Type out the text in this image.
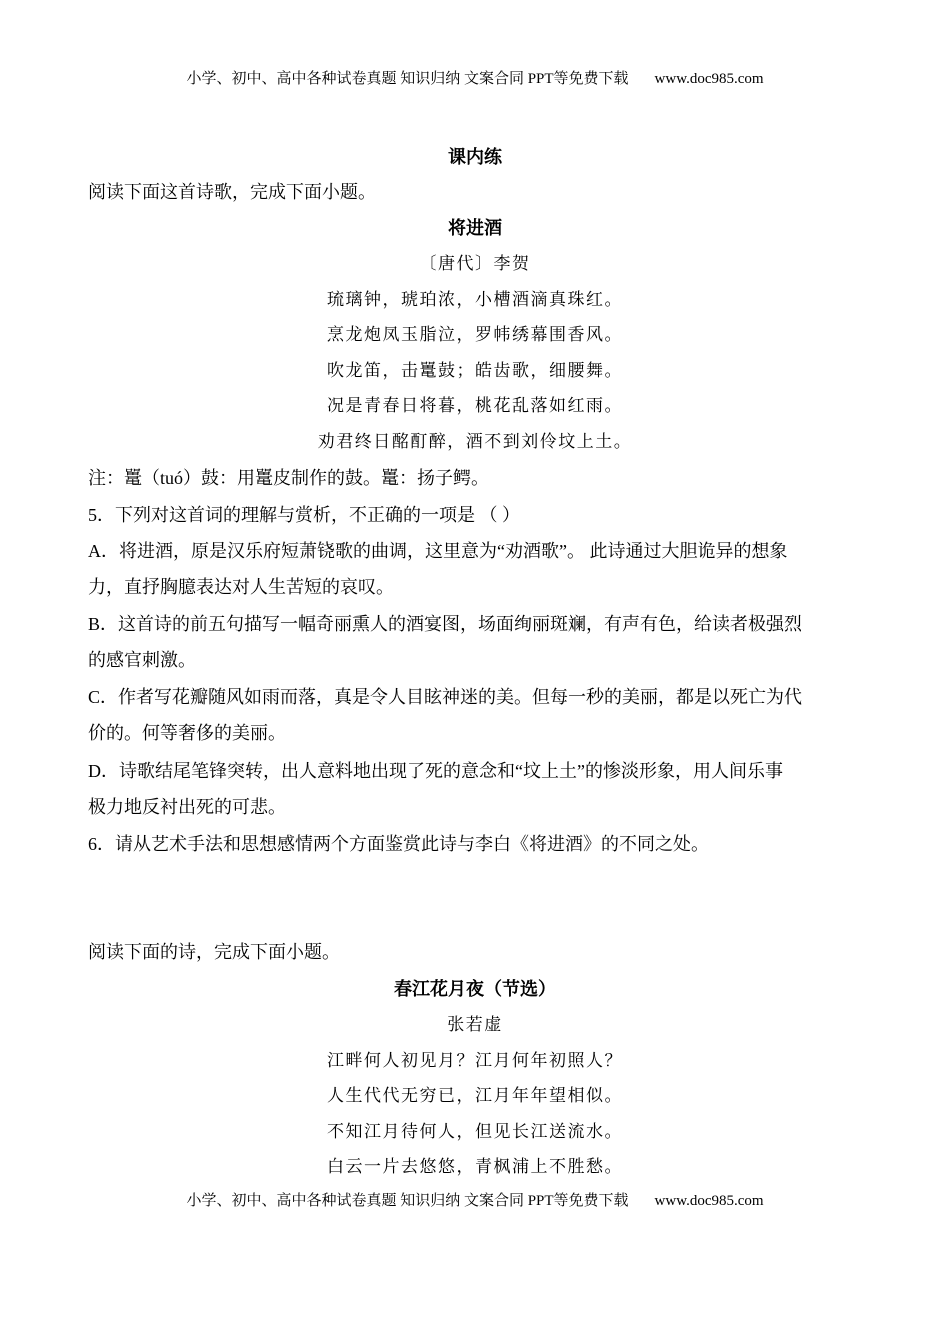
小学、初中、高中各种试卷真题 知识归纳 文案合同 PPT等免费下载 www.doc985.com
课内练
阅读下面这首诗歌，完成下面小题。
将进酒
〔唐代〕李贺
琉璃钟，琥珀浓，小槽酒滴真珠红。
烹龙炮凤玉脂泣，罗帏绣幕围香风。
吹龙笛，击鼍鼓；皓齿歌，细腰舞。
况是青春日将暮，桃花乱落如红雨。
劝君终日酩酊醉，酒不到刘伶坟上土。
注：鼍（tuó）鼓：用鼍皮制作的鼓。鼍：扬子鳄。
5．下列对这首词的理解与赏析，不正确的一项是 （ ）
A．将进酒，原是汉乐府短萧铙歌的曲调，这里意为“劝酒歌”。 此诗通过大胆诡异的想象
力，直抒胸臆表达对人生苦短的哀叹。
B．这首诗的前五句描写一幅奇丽熏人的酒宴图，场面绚丽斑斓，有声有色，给读者极强烈
的感官刺激。
C．作者写花瓣随风如雨而落，真是令人目眩神迷的美。但每一秒的美丽，都是以死亡为代
价的。何等奢侈的美丽。
D．诗歌结尾笔锋突转，出人意料地出现了死的意念和“坟上土”的惨淡形象，用人间乐事
极力地反衬出死的可悲。
6．请从艺术手法和思想感情两个方面鉴赏此诗与李白《将进酒》的不同之处。
阅读下面的诗，完成下面小题。
春江花月夜（节选）
张若虚
江畔何人初见月？江月何年初照人？
人生代代无穷已，江月年年望相似。
不知江月待何人，但见长江送流水。
白云一片去悠悠，青枫浦上不胜愁。
小学、初中、高中各种试卷真题 知识归纳 文案合同 PPT等免费下载 www.doc985.com
